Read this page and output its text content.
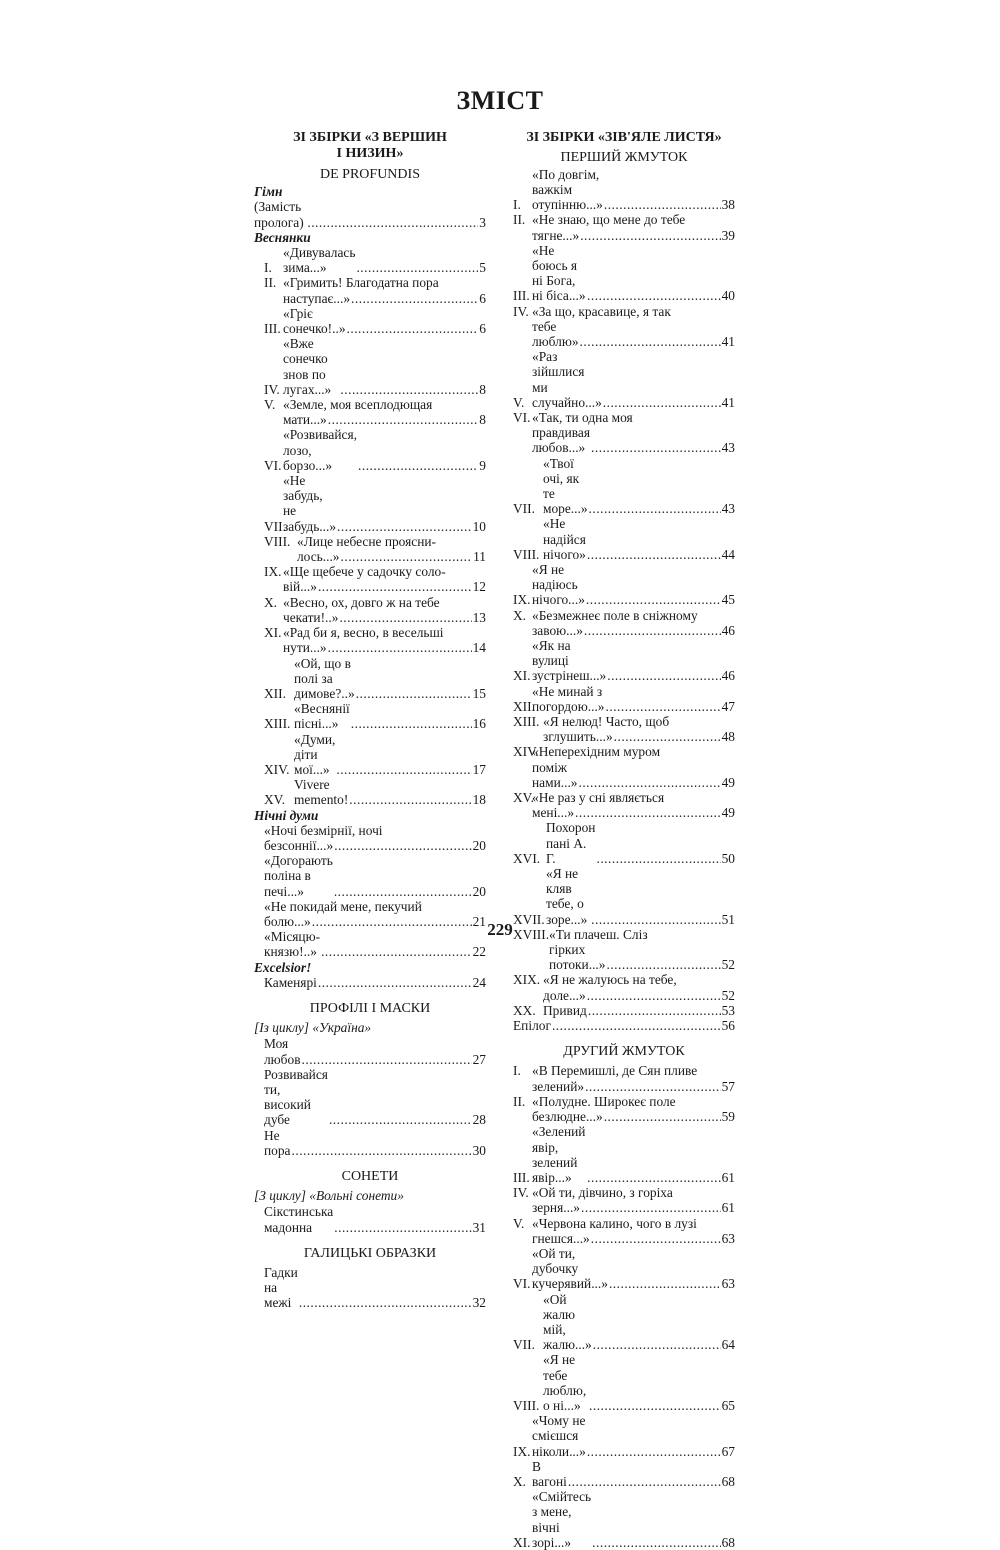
ЗМІСТ
ЗІ ЗБІРКИ «З ВЕРШИН
І НИЗИН»
DE PROFUNDIS
Гімн (Замість пролога) .....	3
Веснянки
I.
«Дивувалась зима...» .....	5
II. «Гримить! Благодатна пора
наступає...» .....	6
III.
«Гріє сонечко!..» .....	6
IV.
«Вже сонечко знов по лугах...» .....	8
V. «Земле, моя всеплодющая
мати...» .....	8
VI.
«Розвивайся, лозо, борзо...» .....	9
VII.
«Не забудь, не забудь...» .....	10
VIII. «Лице небесне проясни-
лось...» .....	11
IX. «Ще щебече у садочку соло-
вій...» .....	12
X. «Весно, ох, довго ж на тебе
чекати!..» .....	13
XI. «Рад би я, весно, в весельші
нути...» .....	14
XII.
«Ой, що в полі за димове?..» .....	15
XIII.
«Веснянії пісні...» .....	16
XIV.
«Думи, діти мої...» .....	17
XV.
Vivere memento! .....	18
Нічні думи
«Ночі безмірнії, ночі
безсоннії...» .....	20
«Догорають поліна в печі...» .....	20
«Не покидай мене, пекучий
болю...» .....	21
«Місяцю-князю!..» .....	22
Excelsior!
Каменярі .....	24
ПРОФІЛІ І МАСКИ
[Із циклу] «Україна»
Моя любов .....	27
Розвивайся ти, високий дубе .....	28
Не пора .....	30
СОНЕТИ
[З циклу] «Вольні сонети»
Сікстинська мадонна .....	31
ГАЛИЦЬКІ ОБРАЗКИ
Гадки на межі .....	32
ЗІ ЗБІРКИ «ЗІВ'ЯЛЕ ЛИСТЯ»
ПЕРШИЙ ЖМУТОК
I.
«По довгім, важкім отупінню...» .....	38
II. «Не знаю, що мене до тебе
тягне...» .....	39
III.
«Не боюсь я ні Бога, ні біса...» .....	40
IV. «За що, красавице, я так
тебе люблю» .....	41
V.
«Раз зійшлися ми случайно...» .....	41
VI. «Так, ти одна моя
правдивая любов...» .....	43
VII.
«Твої очі, як те море...» .....	43
VIII.
«Не надійся нічого» .....	44
IX.
«Я не надіюсь нічого...» .....	45
X. «Безмежнеє поле в сніжному
завою...» .....	46
XI.
«Як на вулиці зустрінеш...» .....	46
XII.
«Не минай з погордою...» .....	47
XIII. «Я нелюд! Часто, щоб
зглушить...» .....	48
XIV.
«Неперехідним муром
поміж нами...» .....	49
XV.
«Не раз у сні являється
мені...» .....	49
XVI.
Похорон пані А. Г. .....	50
XVII.
«Я не кляв тебе, о зоре...» .....	51
XVIII. «Ти плачеш. Сліз
гірких потоки...» .....	52
XIX. «Я не жалуюсь на тебе,
доле...» .....	52
XX. Привид .....	53
Епілог .....	56
ДРУГИЙ ЖМУТОК
I. «В Перемишлі, де Сян пливе
зелений» .....	57
II. «Полудне. Широкеє поле
безлюдне...» .....	59
III.
«Зелений явір, зелений явір...» .....	61
IV. «Ой ти, дівчино, з горіха
зерня...» .....	61
V. «Червона калино, чого в лузі
гнешся...» .....	63
VI.
«Ой ти, дубочку кучерявий...» .....	63
VII.
«Ой жалю мій, жалю...» .....	64
VIII.
«Я не тебе люблю, о ні...» .....	65
IX.
«Чому не смієшся ніколи...» .....	67
X.
В вагоні .....	68
XI.
«Смійтесь з мене, вічні зорі...» .....	68
229
